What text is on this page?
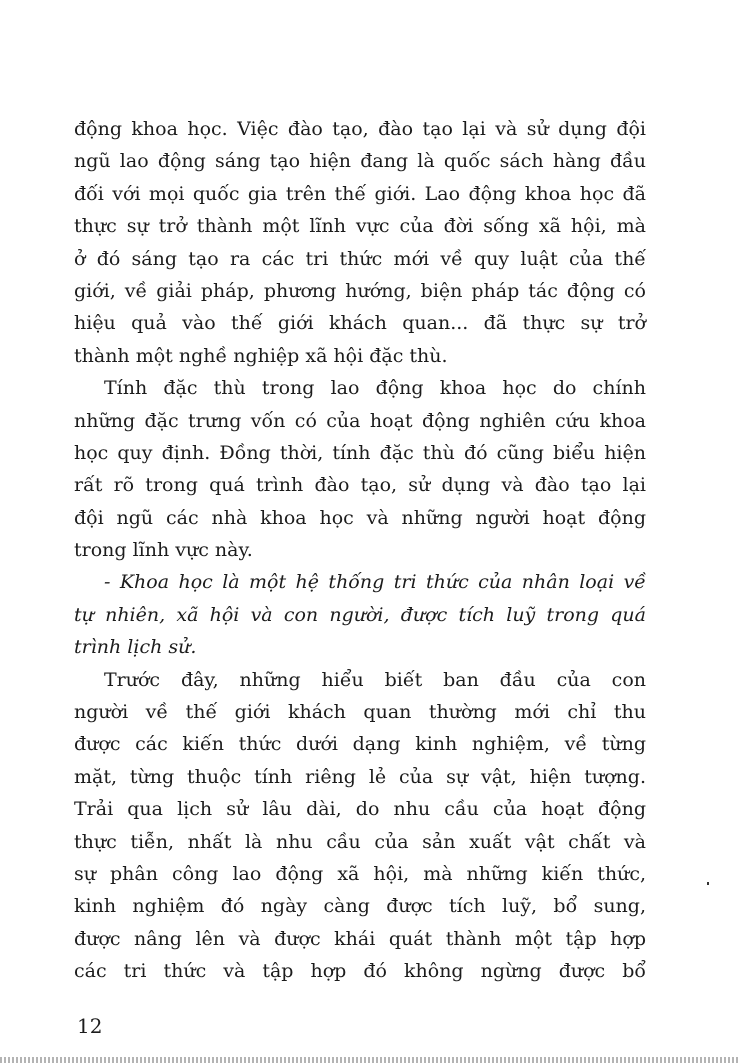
động khoa học. Việc đào tạo, đào tạo lại và sử dụng đội
ngũ lao động sáng tạo hiện đang là quốc sách hàng đầu
đối với mọi quốc gia trên thế giới. Lao động khoa học đã
thực sự trở thành một lĩnh vực của đời sống xã hội, mà
ở đó sáng tạo ra các tri thức mới về quy luật của thế
giới, về giải pháp, phương hướng, biện pháp tác động có
hiệu quả vào thế giới khách quan... đã thực sự trở
thành một nghề nghiệp xã hội đặc thù.
Tính đặc thù trong lao động khoa học do chính
những đặc trưng vốn có của hoạt động nghiên cứu khoa
học quy định. Đồng thời, tính đặc thù đó cũng biểu hiện
rất rõ trong quá trình đào tạo, sử dụng và đào tạo lại
đội ngũ các nhà khoa học và những người hoạt động
trong lĩnh vực này.
- Khoa học là một hệ thống tri thức của nhân loại về
tự nhiên, xã hội và con người, được tích luỹ trong quá
trình lịch sử.
Trước đây, những hiểu biết ban đầu của con
người về thế giới khách quan thường mới chỉ thu
được các kiến thức dưới dạng kinh nghiệm, về từng
mặt, từng thuộc tính riêng lẻ của sự vật, hiện tượng.
Trải qua lịch sử lâu dài, do nhu cầu của hoạt động
thực tiễn, nhất là nhu cầu của sản xuất vật chất và
sự phân công lao động xã hội, mà những kiến thức,
kinh nghiệm đó ngày càng được tích luỹ, bổ sung,
được nâng lên và được khái quát thành một tập hợp
các tri thức và tập hợp đó không ngừng được bổ
12
